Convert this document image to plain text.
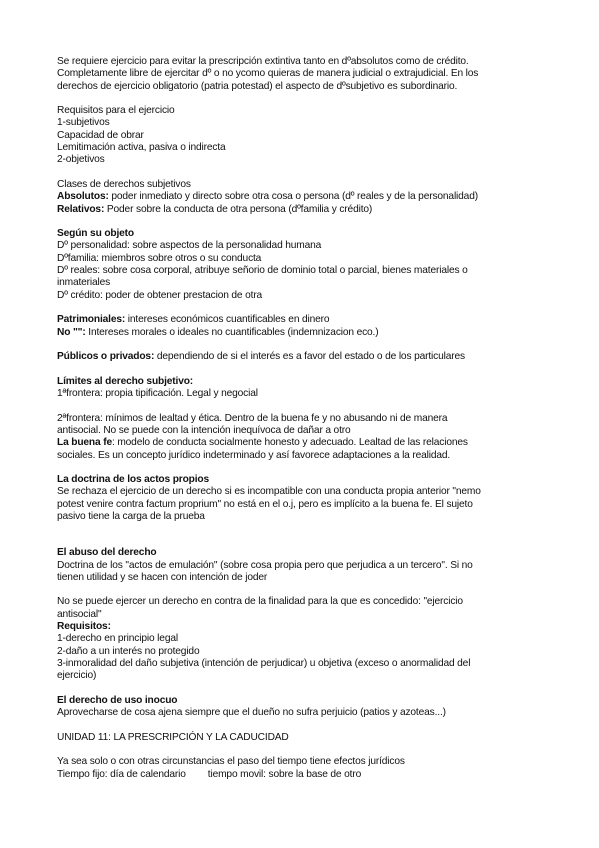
Se requiere ejercicio para evitar la prescripción extintiva tanto en dºabsolutos como de crédito.

Completamente libre de ejercitar dº o no ycomo quieras de manera judicial o extrajudicial. En los

derechos de ejercicio obligatorio (patria potestad) el aspecto de dºsubjetivo es subordinario.

Requisitos para el ejercicio

1-subjetivos

Capacidad de obrar

Lemitimación activa, pasiva o indirecta

2-objetivos

Clases de derechos subjetivos

Absolutos: poder inmediato y directo sobre otra cosa o persona (dº reales y de la personalidad)

Relativos: Poder sobre la conducta de otra persona (dºfamilia y crédito)

Según su objeto

Dº personalidad: sobre aspectos de la personalidad humana

Dºfamilia: miembros sobre otros o su conducta

Dº reales: sobre cosa corporal, atribuye señorio de dominio total o parcial, bienes materiales o

inmateriales

Dº crédito: poder de obtener prestacion de otra

Patrimoniales: intereses económicos cuantificables en dinero

No "": Intereses morales o ideales no cuantificables (indemnizacion eco.)

Públicos o privados: dependiendo de si el interés es a favor del estado o de los particulares

Límites al derecho subjetivo:

1ªfrontera: propia tipificación. Legal y negocial

2ªfrontera: mínimos de lealtad y ética. Dentro de la buena fe y no abusando ni de manera

antisocial. No se puede con la intención inequívoca de dañar a otro

La buena fe: modelo de conducta socialmente honesto y adecuado. Lealtad de las relaciones

sociales. Es un concepto jurídico indeterminado y así favorece adaptaciones a la realidad.

La doctrina de los actos propios

Se rechaza el ejercicio de un derecho si es incompatible con una conducta propia anterior "nemo

potest venire contra factum proprium" no está en el o.j, pero es implícito a la buena fe. El sujeto

pasivo tiene la carga de la prueba

El abuso del derecho

Doctrina de los "actos de emulación" (sobre cosa propia pero que perjudica a un tercero". Si no

tienen utilidad y se hacen con intención de joder

No se puede ejercer un derecho en contra de la finalidad para la que es concedido: "ejercicio

antisocial"

Requisitos:

1-derecho en principio legal

2-daño a un interés no protegido

3-inmoralidad del daño subjetiva (intención de perjudicar) u objetiva (exceso o anormalidad del

ejercicio)

El derecho de uso inocuo

Aprovecharse de cosa ajena siempre que el dueño no sufra perjuicio (patios y azoteas...)

UNIDAD 11: LA PRESCRIPCIÓN Y LA CADUCIDAD

Ya sea solo o con otras circunstancias el paso del tiempo tiene efectos jurídicos

Tiempo fijo: día de calendario tiempo movil: sobre la base de otro
